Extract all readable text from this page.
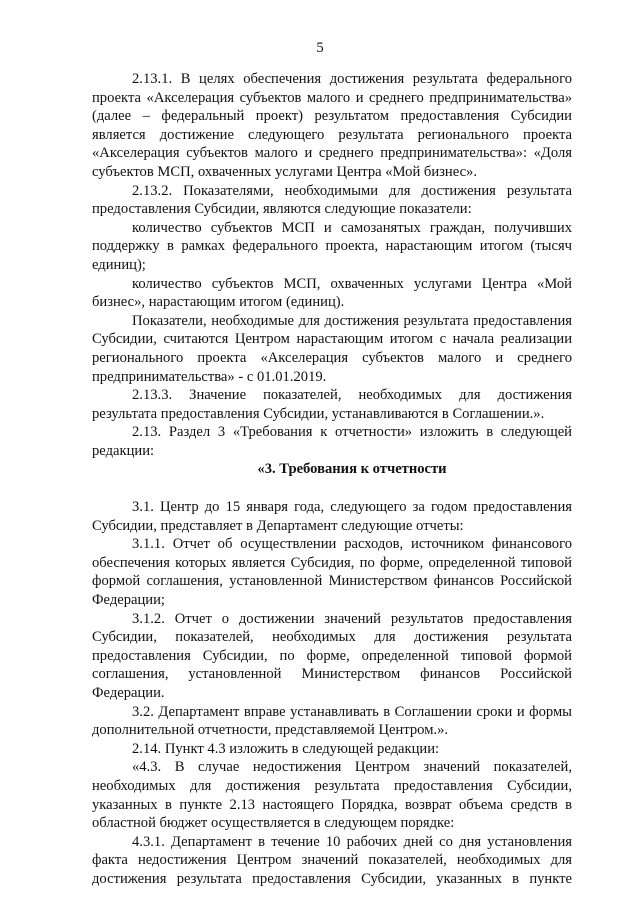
5

2.13.1. В целях обеспечения достижения результата федерального проекта «Акселерация субъектов малого и среднего предпринимательства» (далее – федеральный проект) результатом предоставления Субсидии является достижение следующего результата регионального проекта «Акселерация субъектов малого и среднего предпринимательства»: «Доля субъектов МСП, охваченных услугами Центра «Мой бизнес».

2.13.2. Показателями, необходимыми для достижения результата предоставления Субсидии, являются следующие показатели:

количество субъектов МСП и самозанятых граждан, получивших поддержку в рамках федерального проекта, нарастающим итогом (тысяч единиц);

количество субъектов МСП, охваченных услугами Центра «Мой бизнес», нарастающим итогом (единиц).

Показатели, необходимые для достижения результата предоставления Субсидии, считаются Центром нарастающим итогом с начала реализации регионального проекта «Акселерация субъектов малого и среднего предпринимательства» - с 01.01.2019.

2.13.3. Значение показателей, необходимых для достижения результата предоставления Субсидии, устанавливаются в Соглашении.».

2.13. Раздел 3 «Требования к отчетности» изложить в следующей редакции:

«3. Требования к отчетности

3.1. Центр до 15 января года, следующего за годом предоставления Субсидии, представляет в Департамент следующие отчеты:

3.1.1. Отчет об осуществлении расходов, источником финансового обеспечения которых является Субсидия, по форме, определенной типовой формой соглашения, установленной Министерством финансов Российской Федерации;

3.1.2. Отчет о достижении значений результатов предоставления Субсидии, показателей, необходимых для достижения результата предоставления Субсидии, по форме, определенной типовой формой соглашения, установленной Министерством финансов Российской Федерации.

3.2. Департамент вправе устанавливать в Соглашении сроки и формы дополнительной отчетности, представляемой Центром.».

2.14. Пункт 4.3 изложить в следующей редакции:

«4.3. В случае недостижения Центром значений показателей, необходимых для достижения результата предоставления Субсидии, указанных в пункте 2.13 настоящего Порядка, возврат объема средств в областной бюджет осуществляется в следующем порядке:

4.3.1. Департамент в течение 10 рабочих дней со дня установления факта недостижения Центром значений показателей, необходимых для достижения результата предоставления Субсидии, указанных в пункте
